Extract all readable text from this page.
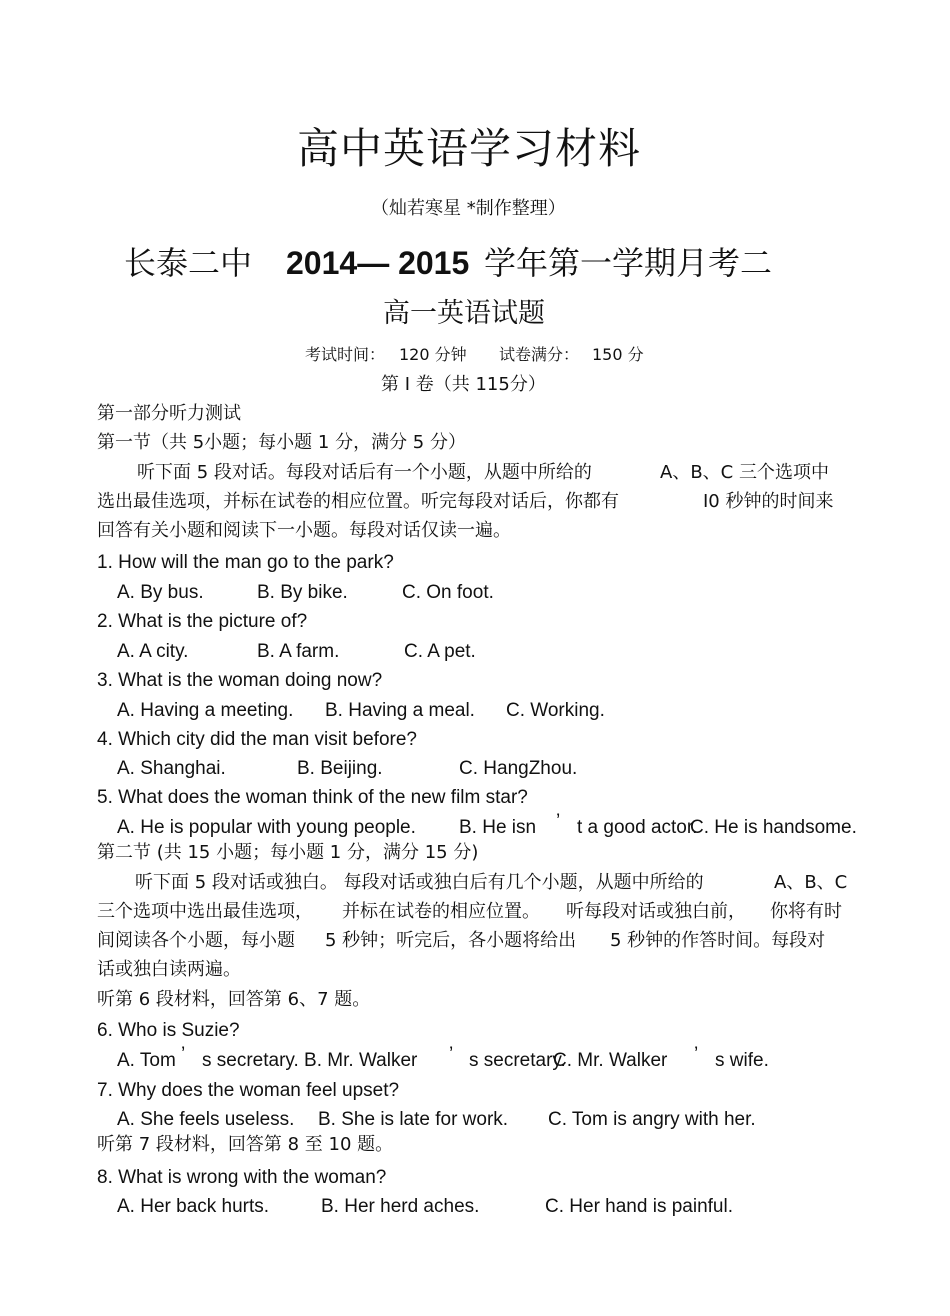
高中英语学习材料
（灿若寒星 *制作整理）
长泰二中 2014— 2015 学年第一学期月考二
高一英语试题
考试时间： 120 分钟 试卷满分： 150 分
第 I 卷（共 115分）
第一部分听力测试
第一节（共 5小题；每小题 1 分，满分 5 分）
听下面 5 段对话。每段对话后有一个小题，从题中所给的	A、B、C 三个选项中
选出最佳选项，并标在试卷的相应位置。听完每段对话后，你都有	I0 秒钟的时间来
回答有关小题和阅读下一小题。每段对话仅读一遍。
1. How will the man go to the park?
A. By bus.	B. By bike.	C. On foot.
2. What is the picture of?
A. A city.	B. A farm.	C. A pet.
3. What is the woman doing now?
A. Having a meeting. B. Having a meal. C. Working.
4. Which city did the man visit before?
A. Shanghai.	B. Beijing.	C. HangZhou.
5. What does the woman think of the new film star?
A. He is popular with young people. B. He isn ’ t a good actor.
C. He is handsome.
第二节 (共 15 小题；每小题 1 分，满分 15 分)
听下面 5 段对话或独白。 每段对话或独白后有几个小题，从题中所给的	A、B、C
三个选项中选出最佳选项， 并标在试卷的相应位置。 听每段对话或独白前， 你将有时
间阅读各个小题，每小题 5 秒钟；听完后，各小题将给出 5 秒钟的作答时间。每段对
话或独白读两遍。
听第 6 段材料，回答第 6、7 题。
6. Who is Suzie?
A. Tom ’ s secretary. B. Mr. Walker ’ s secretary.
C. Mr. Walker ’ s wife.
7. Why does the woman feel upset?
A. She feels useless. B. She is late for work. C. Tom is angry with her.
听第 7 段材料，回答第 8 至 10 题。
8. What is wrong with the woman?
A. Her back hurts.	B. Her herd aches.	C. Her hand is painful.
